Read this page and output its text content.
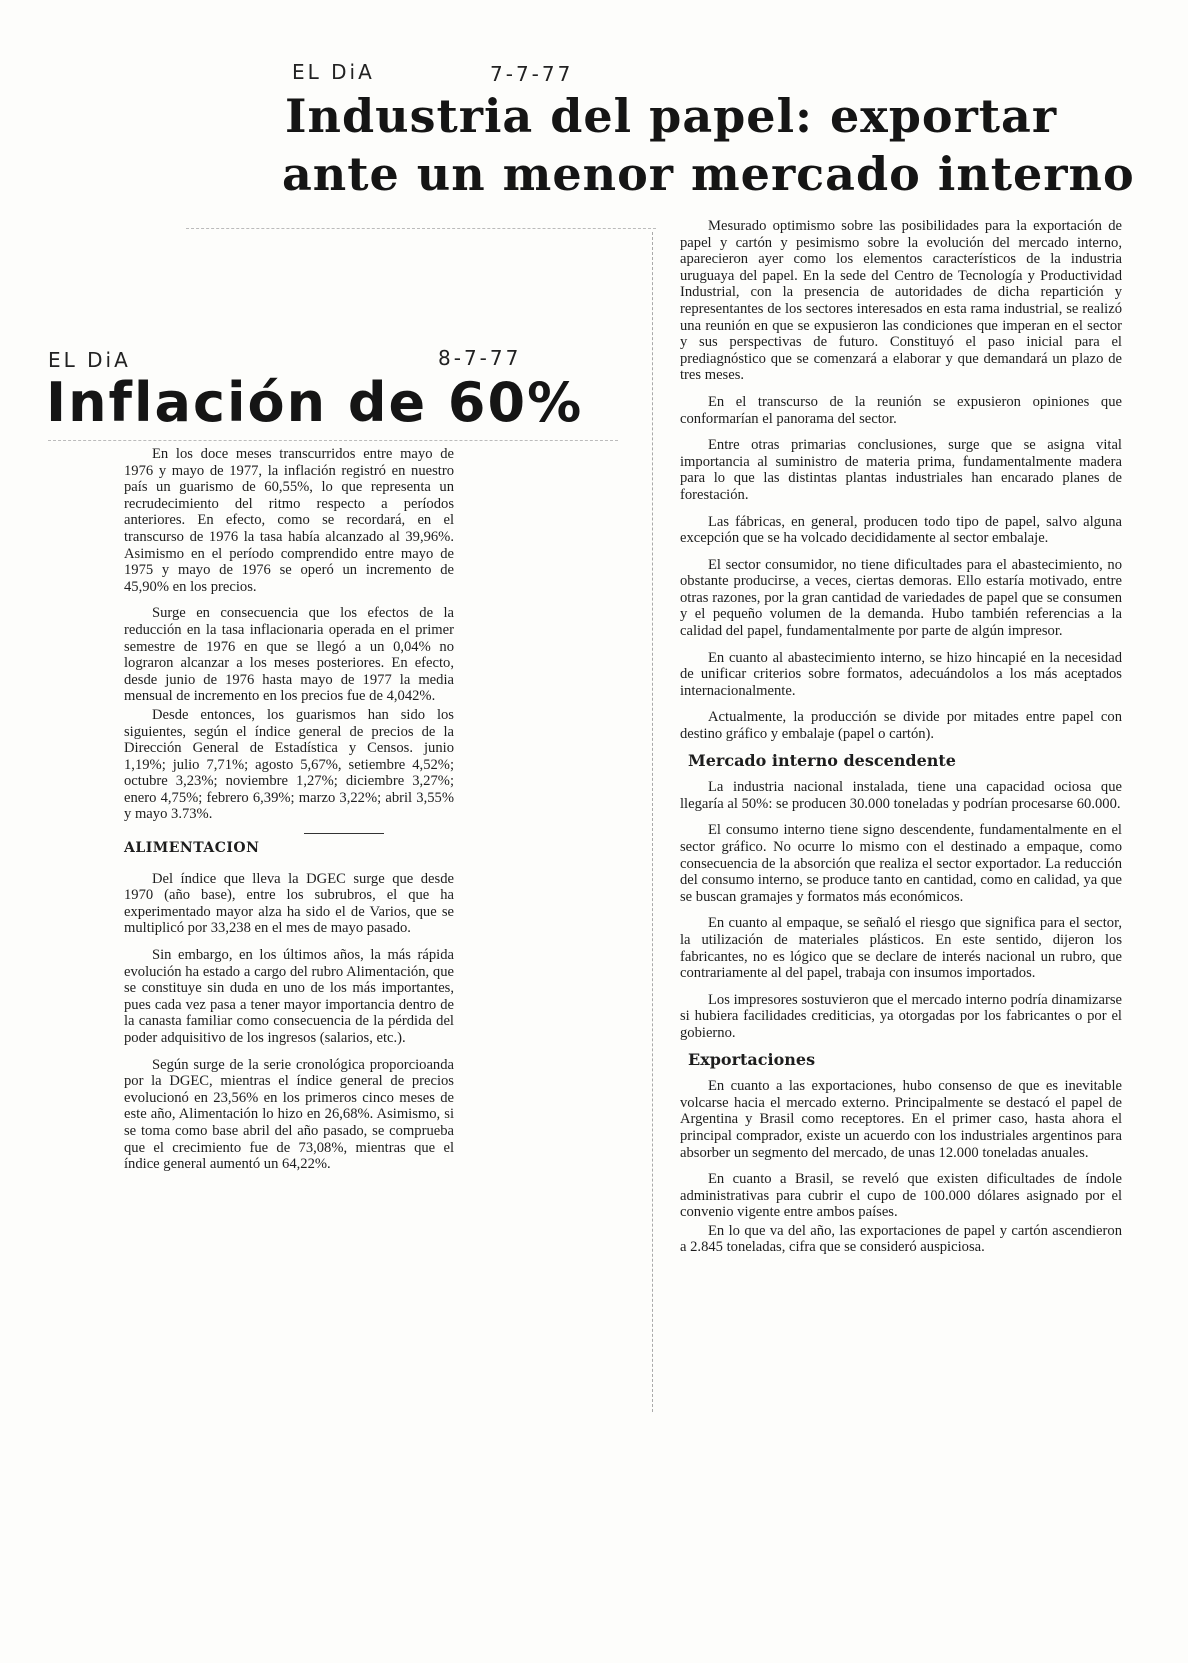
EL DiA	7-7-77
Industria del papel: exportar
ante un menor mercado interno
EL DiA	8-7-77
Inflación de 60%

En los doce meses transcurridos entre mayo de 1976 y mayo de 1977, la inflación registró en nuestro país un guarismo de 60,55%, lo que representa un recrudecimiento del ritmo respecto a períodos anteriores. En efecto, como se recordará, en el transcurso de 1976 la tasa había alcanzado al 39,96%. Asimismo en el período comprendido entre mayo de 1975 y mayo de 1976 se operó un incremento de 45,90% en los precios.

Surge en consecuencia que los efectos de la reducción en la tasa inflacionaria operada en el primer semestre de 1976 en que se llegó a un 0,04% no lograron alcanzar a los meses posteriores. En efecto, desde junio de 1976 hasta mayo de 1977 la media mensual de incremento en los precios fue de 4,042%.

Desde entonces, los guarismos han sido los siguientes, según el índice general de precios de la Dirección General de Estadística y Censos. junio 1,19%; julio 7,71%; agosto 5,67%, setiembre 4,52%; octubre 3,23%; noviembre 1,27%; diciembre 3,27%; enero 4,75%; febrero 6,39%; marzo 3,22%; abril 3,55% y mayo 3.73%.

ALIMENTACION

Del índice que lleva la DGEC surge que desde 1970 (año base), entre los subrubros, el que ha experimentado mayor alza ha sido el de Varios, que se multiplicó por 33,238 en el mes de mayo pasado.

Sin embargo, en los últimos años, la más rápida evolución ha estado a cargo del rubro Alimentación, que se constituye sin duda en uno de los más importantes, pues cada vez pasa a tener mayor importancia dentro de la canasta familiar como consecuencia de la pérdida del poder adquisitivo de los ingresos (salarios, etc.).

Según surge de la serie cronológica proporcioanda por la DGEC, mientras el índice general de precios evolucionó en 23,56% en los primeros cinco meses de este año, Alimentación lo hizo en 26,68%. Asimismo, si se toma como base abril del año pasado, se comprueba que el crecimiento fue de 73,08%, mientras que el índice general aumentó un 64,22%.

Mesurado optimismo sobre las posibilidades para la exportación de papel y cartón y pesimismo sobre la evolución del mercado interno, aparecieron ayer como los elementos característicos de la industria uruguaya del papel. En la sede del Centro de Tecnología y Productividad Industrial, con la presencia de autoridades de dicha repartición y representantes de los sectores interesados en esta rama industrial, se realizó una reunión en que se expusieron las condiciones que imperan en el sector y sus perspectivas de futuro. Constituyó el paso inicial para el prediagnóstico que se comenzará a elaborar y que demandará un plazo de tres meses.

En el transcurso de la reunión se expusieron opiniones que conformarían el panorama del sector.

Entre otras primarias conclusiones, surge que se asigna vital importancia al suministro de materia prima, fundamentalmente madera para lo que las distintas plantas industriales han encarado planes de forestación.

Las fábricas, en general, producen todo tipo de papel, salvo alguna excepción que se ha volcado decididamente al sector embalaje.

El sector consumidor, no tiene dificultades para el abastecimiento, no obstante producirse, a veces, ciertas demoras. Ello estaría motivado, entre otras razones, por la gran cantidad de variedades de papel que se consumen y el pequeño volumen de la demanda. Hubo también referencias a la calidad del papel, fundamentalmente por parte de algún impresor.

En cuanto al abastecimiento interno, se hizo hincapié en la necesidad de unificar criterios sobre formatos, adecuándolos a los más aceptados internacionalmente.

Actualmente, la producción se divide por mitades entre papel con destino gráfico y embalaje (papel o cartón).

Mercado interno descendente

La industria nacional instalada, tiene una capacidad ociosa que llegaría al 50%: se producen 30.000 toneladas y podrían procesarse 60.000.

El consumo interno tiene signo descendente, fundamentalmente en el sector gráfico. No ocurre lo mismo con el destinado a empaque, como consecuencia de la absorción que realiza el sector exportador. La reducción del consumo interno, se produce tanto en cantidad, como en calidad, ya que se buscan gramajes y formatos más económicos.

En cuanto al empaque, se señaló el riesgo que significa para el sector, la utilización de materiales plásticos. En este sentido, dijeron los fabricantes, no es lógico que se declare de interés nacional un rubro, que contrariamente al del papel, trabaja con insumos importados.

Los impresores sostuvieron que el mercado interno podría dinamizarse si hubiera facilidades crediticias, ya otorgadas por los fabricantes o por el gobierno.

Exportaciones

En cuanto a las exportaciones, hubo consenso de que es inevitable volcarse hacia el mercado externo. Principalmente se destacó el papel de Argentina y Brasil como receptores. En el primer caso, hasta ahora el principal comprador, existe un acuerdo con los industriales argentinos para absorber un segmento del mercado, de unas 12.000 toneladas anuales.

En cuanto a Brasil, se reveló que existen dificultades de índole administrativas para cubrir el cupo de 100.000 dólares asignado por el convenio vigente entre ambos países.

En lo que va del año, las exportaciones de papel y cartón ascendieron a 2.845 toneladas, cifra que se consideró auspiciosa.
